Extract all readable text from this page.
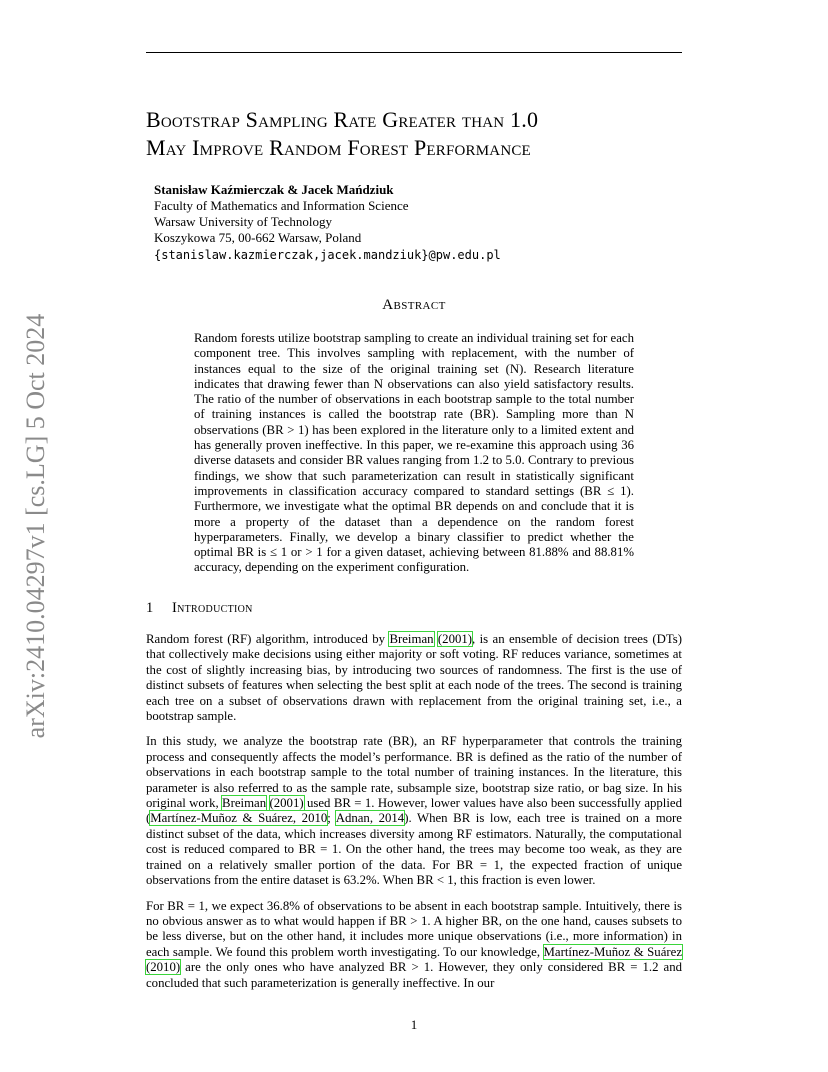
arXiv:2410.04297v1 [cs.LG] 5 Oct 2024
Bootstrap Sampling Rate Greater than 1.0
May Improve Random Forest Performance
Stanisław Kaźmierczak & Jacek Mańdziuk
Faculty of Mathematics and Information Science
Warsaw University of Technology
Koszykowa 75, 00-662 Warsaw, Poland
{stanislaw.kazmierczak,jacek.mandziuk}@pw.edu.pl
Abstract
Random forests utilize bootstrap sampling to create an individual training set for each component tree. This involves sampling with replacement, with the number of instances equal to the size of the original training set (N). Research literature indicates that drawing fewer than N observations can also yield satisfactory results. The ratio of the number of observations in each bootstrap sample to the total number of training instances is called the bootstrap rate (BR). Sampling more than N observations (BR > 1) has been explored in the literature only to a limited extent and has generally proven ineffective. In this paper, we re-examine this approach using 36 diverse datasets and consider BR values ranging from 1.2 to 5.0. Contrary to previous findings, we show that such parameterization can result in statistically significant improvements in classification accuracy compared to standard settings (BR ≤ 1). Furthermore, we investigate what the optimal BR depends on and conclude that it is more a property of the dataset than a dependence on the random forest hyperparameters. Finally, we develop a binary classifier to predict whether the optimal BR is ≤ 1 or > 1 for a given dataset, achieving between 81.88% and 88.81% accuracy, depending on the experiment configuration.
1 Introduction

Random forest (RF) algorithm, introduced by Breiman (2001), is an ensemble of decision trees (DTs) that collectively make decisions using either majority or soft voting. RF reduces variance, sometimes at the cost of slightly increasing bias, by introducing two sources of randomness. The first is the use of distinct subsets of features when selecting the best split at each node of the trees. The second is training each tree on a subset of observations drawn with replacement from the original training set, i.e., a bootstrap sample.

In this study, we analyze the bootstrap rate (BR), an RF hyperparameter that controls the training process and consequently affects the model’s performance. BR is defined as the ratio of the number of observations in each bootstrap sample to the total number of training instances. In the literature, this parameter is also referred to as the sample rate, subsample size, bootstrap size ratio, or bag size. In his original work, Breiman (2001) used BR = 1. However, lower values have also been successfully applied (Martínez-Muñoz & Suárez, 2010; Adnan, 2014). When BR is low, each tree is trained on a more distinct subset of the data, which increases diversity among RF estimators. Naturally, the computational cost is reduced compared to BR = 1. On the other hand, the trees may become too weak, as they are trained on a relatively smaller portion of the data. For BR = 1, the expected fraction of unique observations from the entire dataset is 63.2%. When BR < 1, this fraction is even lower.

For BR = 1, we expect 36.8% of observations to be absent in each bootstrap sample. Intuitively, there is no obvious answer as to what would happen if BR > 1. A higher BR, on the one hand, causes subsets to be less diverse, but on the other hand, it includes more unique observations (i.e., more information) in each sample. We found this problem worth investigating. To our knowledge, Martínez-Muñoz & Suárez (2010) are the only ones who have analyzed BR > 1. However, they only considered BR = 1.2 and concluded that such parameterization is generally ineffective. In our

1
